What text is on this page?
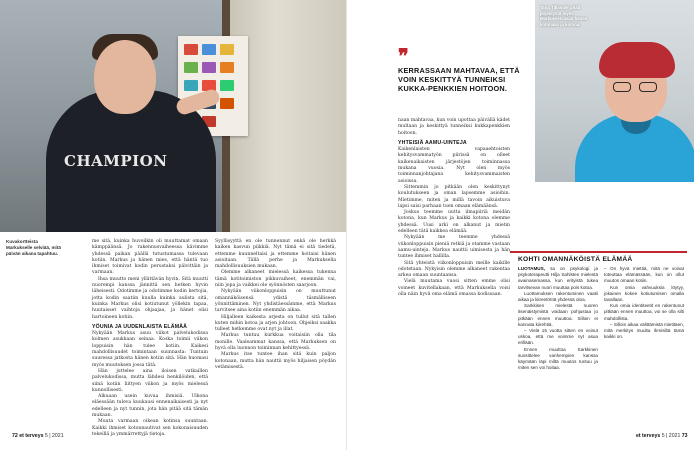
CHAMPION
Kuvakortteista Markukselle selviää, mitä päivän aikana tapahtuu.

me sitä, kuinka huvoilkin oli muuttamat omaan kämppäänsä. Jo rakennusvaiheessa kävimme yhdessä paikan päällä tutustumassa tulevaan kotiin. Markus ja hänen mies, että häntä tuo ihmiset toimivat kodin perustaksi päivittäin ja varmaan.

Ihsa muutto meni yllättävän hyvin. Sitä muutti nuorempi kanssa jännittä sen hetken hyvin läheisesti. Odotimme ja odotimme kodin kertojia, jotta kodin saatiin kuulla kuinka aulista sitä, kuinka Markus olisi kotiutunut yöllekin tapaa, huutaisset vaihtoja ohjaajaa, ja hänet olisi hartoineen kotiin.

YÖUNIA JA UUDENLAISTA ELÄMÄÄ

Nykyään Markus asuu viikot palvelukodissa kolmen asukkaan seinaa. Koska toimii viikon loppuisin hän tulee kotiin. Kaikesi mahdollisuudet toimintaan suunnasta: Tuntuin suuressa jatkosta hänen kotiin sitä. Hän huomasi myös muutoksen jossa tätä.

Hän juttelee aina iloisen vatkaillen palvelukodissa, mutta lähdesi henkilöiden, että siinä kotiin liittyen viikon ja myös mielessä kunnollisesti.

Alkuaan usein kuvaa ihmisiä. Ulkona eläessään tuleva kuukausi ennenaikaisesti ja nyt edelleen ja nyt tunnin, jota hän pitää sitä tämän mukaan.

Muuta varmaan oikean kotinsa suuntaan. Kaikki ihmiset kotonnautivat sen kokonaisuuden tekeillä ja ymmärrettyjä tietoja.

Syyllisyyttä en ole tunnennut enkä ole herkkä kaiken kasvun piikkiä. Nyt tämä ei sitä tiedetä, ettemme kuunneltaisi ja ettemme hoitaisi hänen asioitaan. Tällä perhe ja Markuksella mahdollisuuksien mukaan.

Olemme alkaneet mielessä kaikessa tukenna tämä kotitoimiston pikkuvaiheet, enemmän vai, niin jopa ja vaikkei ole syönnösten saarjoon.

Nykyään viikonloppuisin on muuttunut omannäköisensä ydistä täsmälliseen yönnittäminen. Nyt yhdistäessämme, että Markus tarvitsee aina kotiin enemmän aikaa.

Hiljalleen kaikesta arjesta on tullut sitä tallen kuten mihin kotoa ja arjen johtoon. Ohjeiksi saakka tulleet hetkemme ovat nyt ja illat.

Markus tuntuu kurkkua voitaisiin olla tila monille. Vaaleammat kanssa, että Markuksen on hyvä olla luonnon toiminnan kehittyessä.

Markus itse tuntee ihan sitä kuin paljon kotonaan, mutta hän nauttii myös hiljaisen pöydän vetämisestä.

72 et terveys 5 | 2021
❞
KERRASSAAN MAHTAVAA, ETTÄ VOIN KESKITTYÄ TUNNEIKSI KUKKA-PENKKIEN HOITOON.
Tarja Tillander pitää järjestystä myös Markuksen asiat hänen kotonaan ja kotona.

naan mahtavaa, kun voin upottaa päivällä kädet multaan ja keskittyä tunneiksi kukkapenkkien hoitoon.

YHTEISIÄ AAMU-UINTEJA

Kaikenlaisten vapaaehtoisten kehitysvammatyön piirissä on olleet kaikenaikaisten järjestöjen toiminnassa mukana vuosia. Nyt olen myös toiminnanjohtajana kehitysvammaisten asioissa.

Sittemmin jo pitkään olen keskittynyt koulutukseen ja oman lapsemme asioihin. Mietimme, miten ja millä tavoin aikuistuva lapsi saisi parhaan tuen omaan elämäänsä.

Joskus teemme uutta ilmapiiriä meidän kotona, kun Markus ja kaikki kotona olemme yhdessä. Uusi arki on alkanut ja mietin edelleen tätä kaikkea elämää.

Nykyään me teemme yhdessä viikonloppuisin pieniä retkiä ja otamme vastaan aamu-uinteja. Markus nauttii uimisesta ja hän tuntee ihmiset hallilla.

Sitä yhteistä viikonloppuisin meille kaikille odotetaan. Nykyisin olemme alkaneet rakentaa arkea omaan suuntaansa.

Vielä muutama vuosi sitten emme olisi voineet kuvitellakaan, että Markuksella voisi olla näin hyvä oma elämä omassa kodissaan.

KOHTI OMANNÄKÖISTÄ ELÄMÄÄ

LUOTAMUS, sa on psykologi ja psykoterapeutti Hilja Sahlsten mielestä avainasemassa, kun erityistä tukea tarvitsevan nuori muuttaa pois kotoa.

Luottamuksen rakentuminen vaatii aikaa ja kiireetöntä yhdessä oloa.

Sarkkisen mielestä nuoren itsenäistymistä voidaan pohjustaa jo pitkään ennen muuttoa. Silloin ei kannata kiirehtiä.

– Vielä 15 vuotta sitten en voinut uskoa, että me voimme nyt asua erillään.

Ennen muuttoa Sarkkinen suosittelee vanhempien kanssa käymään läpi miltä muutos tuntuu ja miten sen voi hoitaa.

– On hyvä miettiä, mitä ne voivat toteuttaa elämässään, kun on ollut muutos omaan kotiin.

Kun omia vahvuuksia löytyy, jokainen kokee kotiutumisen omalla tavallaan.

Kun omia identiteetit en rakentunut pitkään ennen muuttoa, voi se olla silti mahdollista.

– Silloin aikaa välittämistä mietitäen, mitä merkitys muulta ihmisiltä tämä kaikki on.

et terveys 5 | 2021 73
